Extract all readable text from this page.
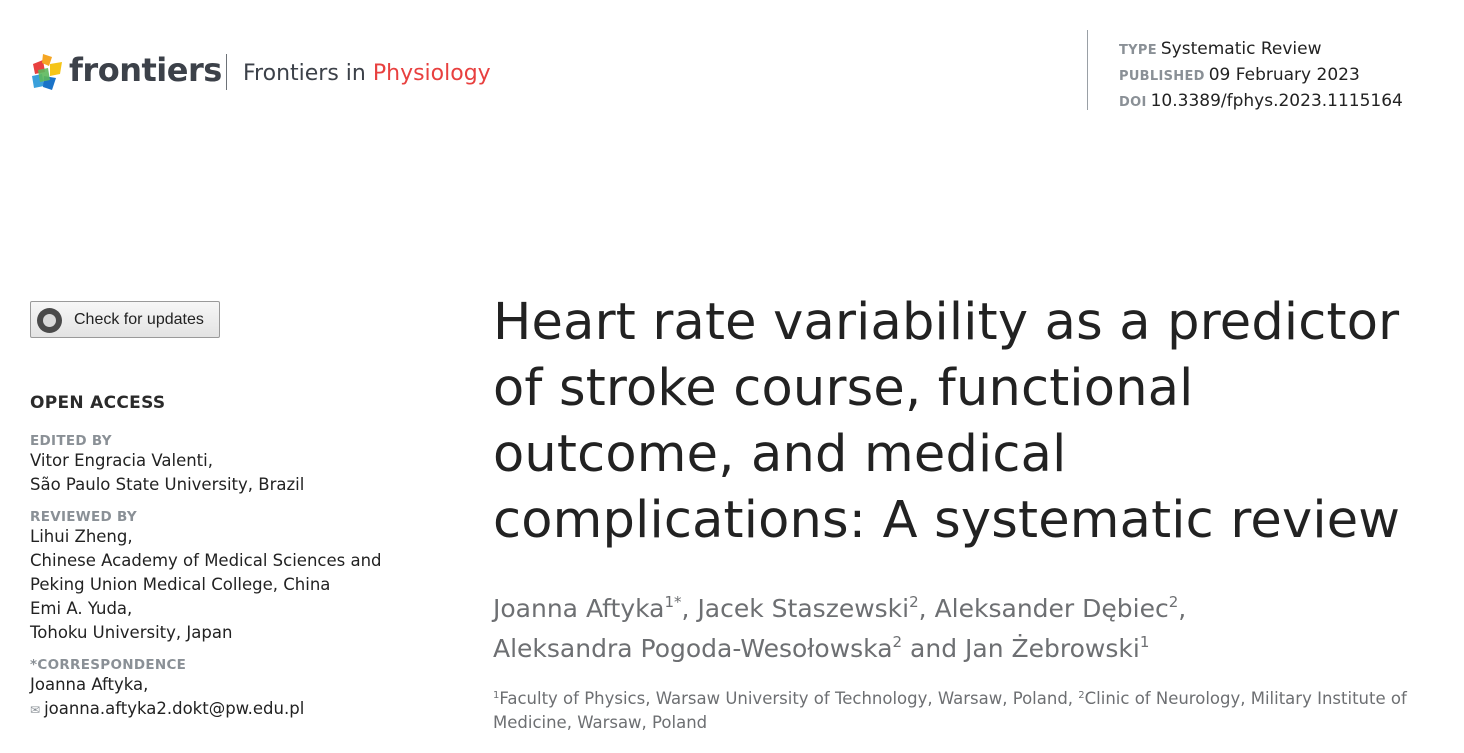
frontiers Frontiers in Physiology
TYPE Systematic Review
PUBLISHED 09 February 2023
DOI 10.3389/fphys.2023.1115164
Check for updates
OPEN ACCESS
EDITED BY
Vitor Engracia Valenti,
São Paulo State University, Brazil
REVIEWED BY
Lihui Zheng,
Chinese Academy of Medical Sciences and
Peking Union Medical College, China
Emi A. Yuda,
Tohoku University, Japan
*CORRESPONDENCE
Joanna Aftyka,
✉ joanna.aftyka2.dokt@pw.edu.pl
Heart rate variability as a predictor
of stroke course, functional
outcome, and medical
complications: A systematic review
Joanna Aftyka$^{1*}$, Jacek Staszewski$^2$, Aleksander Dębiec$^2$,
Aleksandra Pogoda-Wesołowska$^2$ and Jan Żebrowski$^1$
$^1$Faculty of Physics, Warsaw University of Technology, Warsaw, Poland, $^2$Clinic of Neurology, Military Institute of Medicine, Warsaw, Poland
